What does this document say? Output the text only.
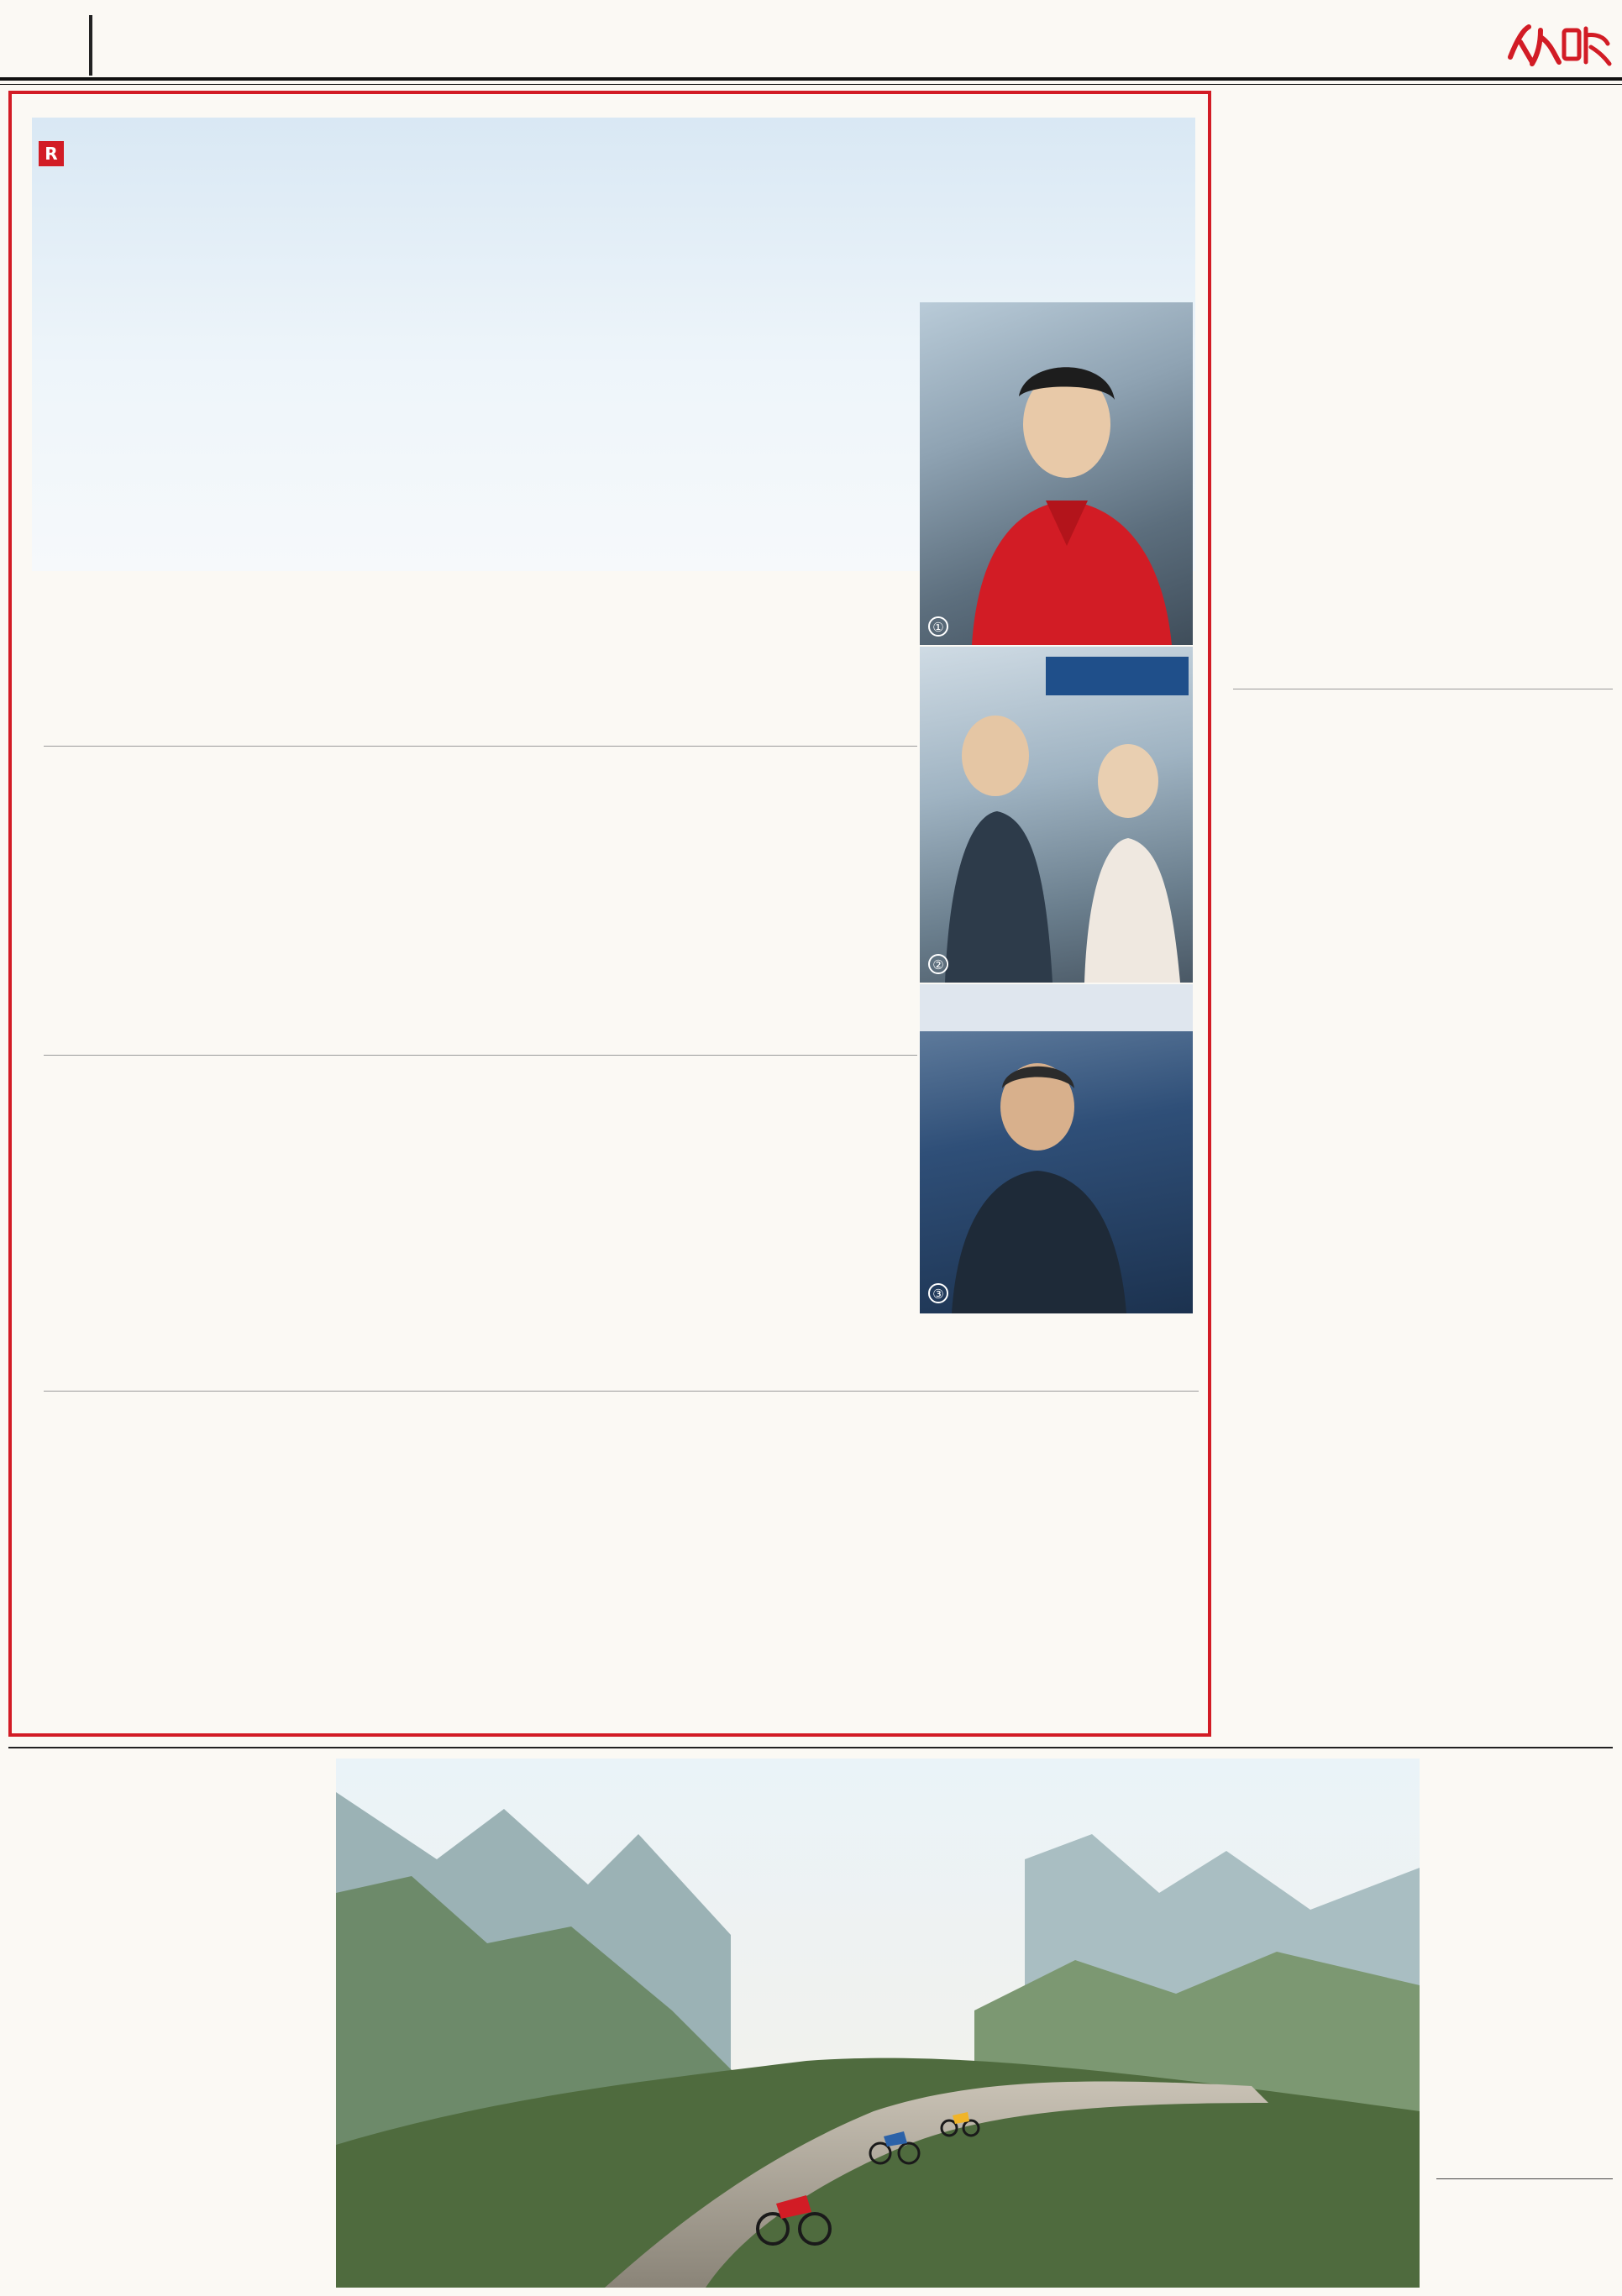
R
①
②
③
